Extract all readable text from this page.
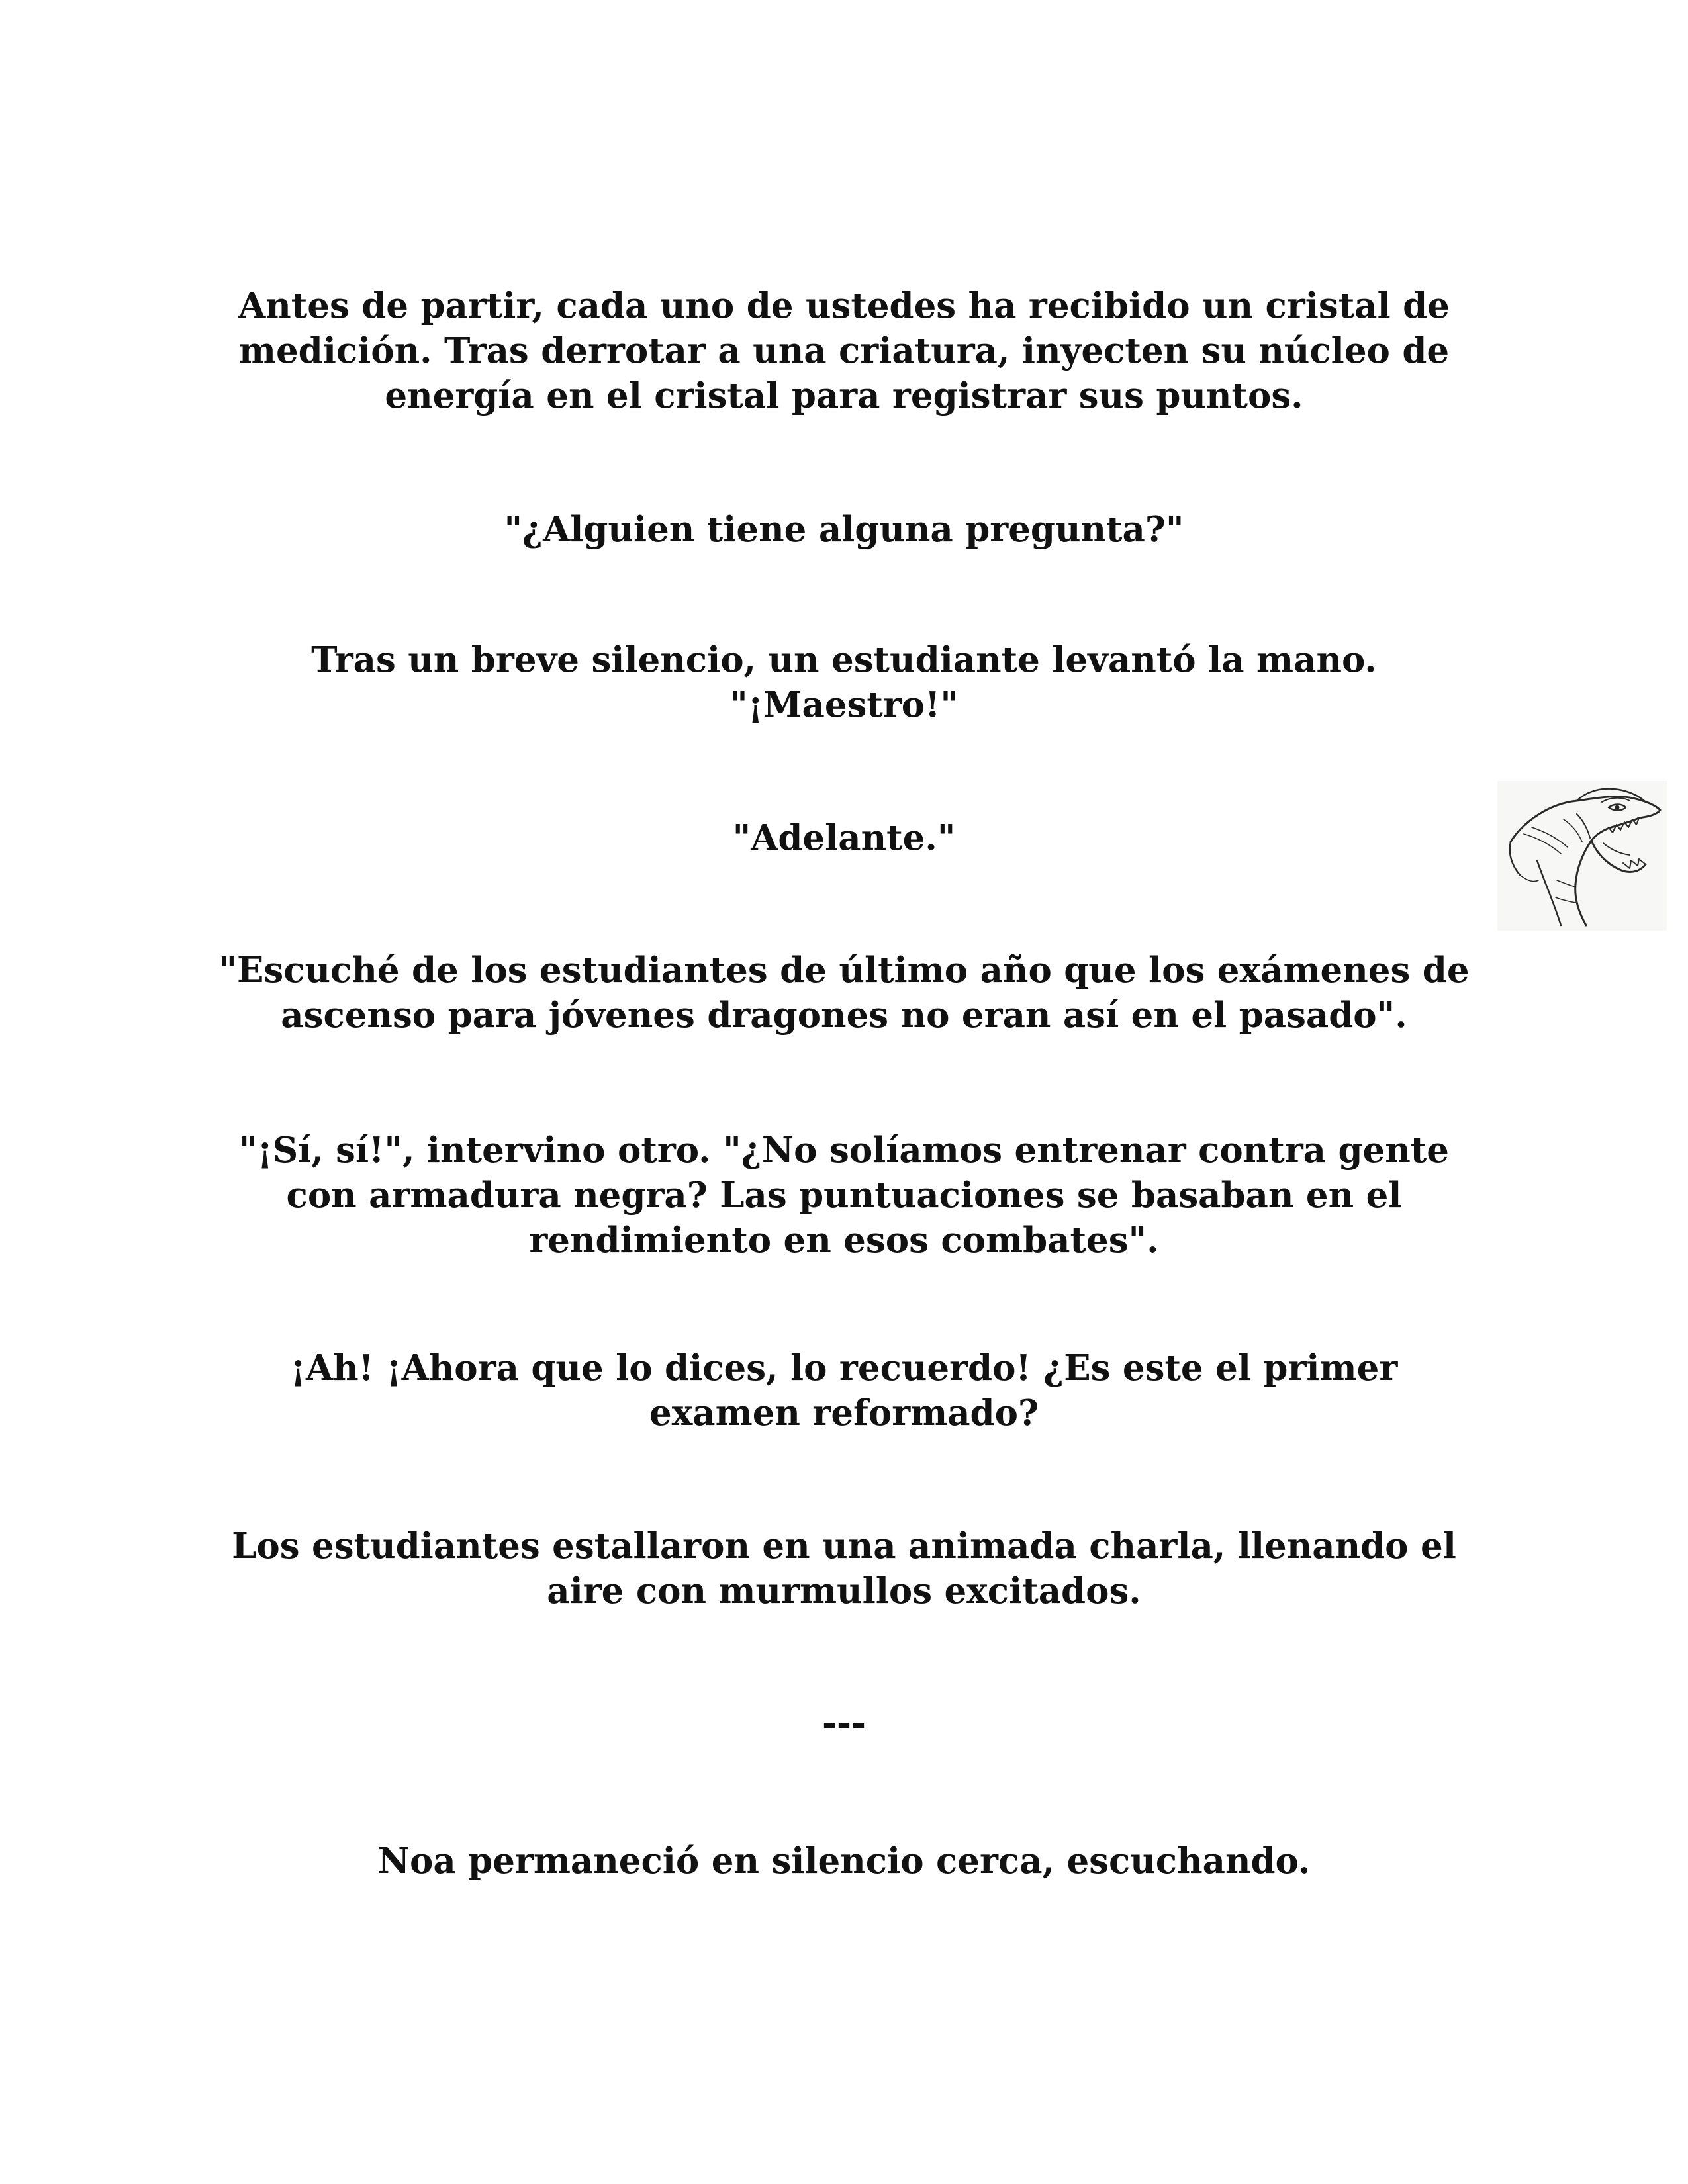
Antes de partir, cada uno de ustedes ha recibido un cristal de
medición. Tras derrotar a una criatura, inyecten su núcleo de
energía en el cristal para registrar sus puntos.
"¿Alguien tiene alguna pregunta?"
Tras un breve silencio, un estudiante levantó la mano.
"¡Maestro!"
"Adelante."
"Escuché de los estudiantes de último año que los exámenes de
ascenso para jóvenes dragones no eran así en el pasado".
"¡Sí, sí!", intervino otro. "¿No solíamos entrenar contra gente
con armadura negra? Las puntuaciones se basaban en el
rendimiento en esos combates".
¡Ah! ¡Ahora que lo dices, lo recuerdo! ¿Es este el primer
examen reformado?
Los estudiantes estallaron en una animada charla, llenando el
aire con murmullos excitados.
---
Noa permaneció en silencio cerca, escuchando.
